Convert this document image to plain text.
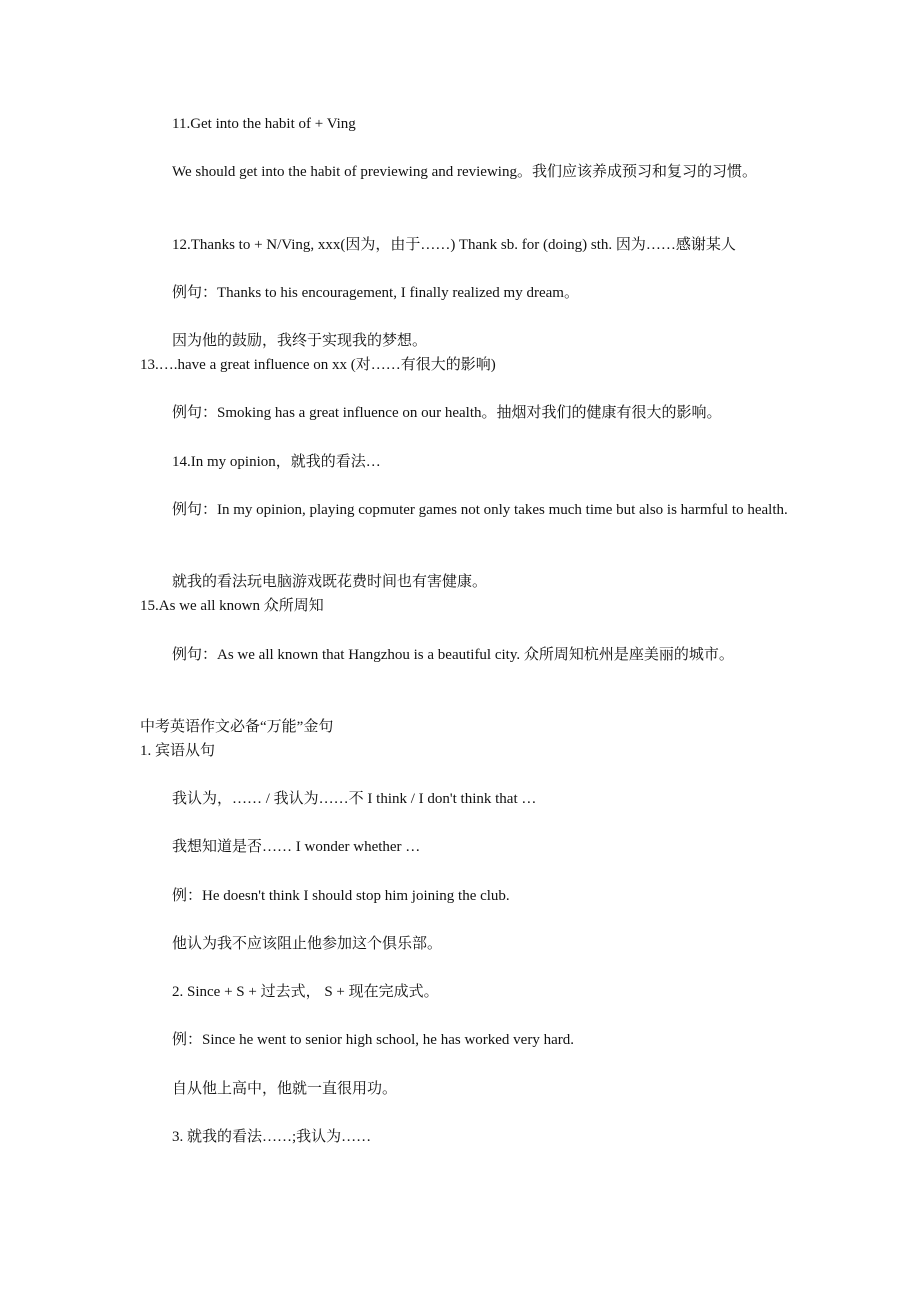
11.Get into the habit of + Ving

We should get into the habit of previewing and reviewing。我们应该养成预习和复习的习惯。

12.Thanks to + N/Ving, xxx(因为，由于……) Thank sb. for (doing) sth. 因为……感谢某人

例句：Thanks to his encouragement, I finally realized my dream。

因为他的鼓励，我终于实现我的梦想。

13.….have a great influence on xx (对……有很大的影响)

例句：Smoking has a great influence on our health。抽烟对我们的健康有很大的影响。

14.In my opinion，就我的看法…

例句：In my opinion, playing copmuter games not only takes much time but also is harmful to health.

就我的看法玩电脑游戏既花费时间也有害健康。

15.As we all known 众所周知

例句：As we all known that Hangzhou is a beautiful city. 众所周知杭州是座美丽的城市。

中考英语作文必备“万能”金句

1. 宾语从句

我认为，…… / 我认为……不 I think / I don't think that …

我想知道是否…… I wonder whether …

例：He doesn't think I should stop him joining the club.

他认为我不应该阻止他参加这个俱乐部。

2. Since + S + 过去式， S + 现在完成式。

例：Since he went to senior high school, he has worked very hard.

自从他上高中，他就一直很用功。

3. 就我的看法……;我认为……
